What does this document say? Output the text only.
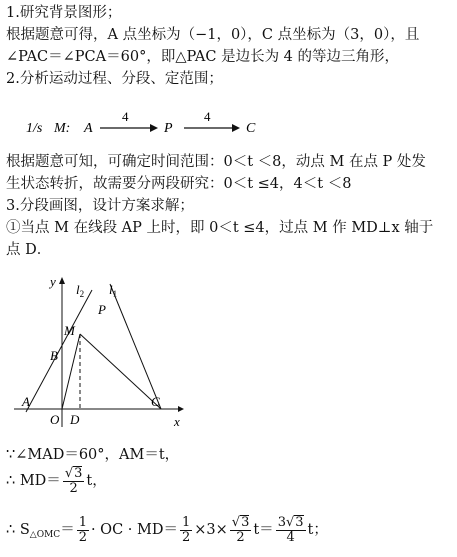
1.研究背景图形；
根据题意可得，A 点坐标为（−1，0），C 点坐标为（3，0），且
∠PAC＝∠PCA＝60°，即△PAC 是边长为 4 的等边三角形，
2.分析运动过程、分段、定范围；
1/s M: A
4
P
4
C
根据题意可知，可确定时间范围：0＜t ＜8，动点 M 在点 P 处发
生状态转折，故需要分两段研究：0＜t ≤4，4＜t ＜8
3.分段画图，设计方案求解；
①当点 M 在线段 AP 上时，即 0＜t ≤4，过点 M 作 MD⊥x 轴于
点 D．
y
x
$l_2$ $l_1$
P
M
B
A
O D
C
∵∠MAD＝60°，AM＝t，
∴ $MD= \frac{√3}{2}$ t，
∴ $S_{\triangle OMC}= \frac{1}{2}$ · OC · $MD= \frac{1}{2} \times 3\times \frac{√3}{2} t= \frac{3√3}{4}$ t；
